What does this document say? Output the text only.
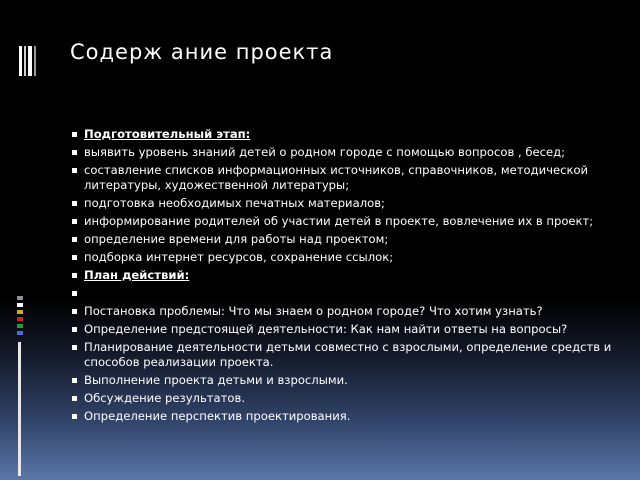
Содерж ание проекта
Подготовительный этап:
выявить уровень знаний детей о родном городе с помощью вопросов , бесед;
составление списков информационных источников, справочников, методической литературы, художественной литературы;
подготовка необходимых печатных материалов;
информирование родителей об участии детей в проекте, вовлечение их в проект;
определение времени для работы над проектом;
подборка интернет ресурсов, сохранение ссылок;
План действий:
Постановка проблемы: Что мы знаем о родном городе? Что хотим узнать?
Определение предстоящей деятельности: Как нам найти ответы на вопросы?
Планирование деятельности детьми совместно с взрослыми, определение средств и способов реализации проекта.
Выполнение проекта детьми и взрослыми.
Обсуждение результатов.
Определение перспектив проектирования.
